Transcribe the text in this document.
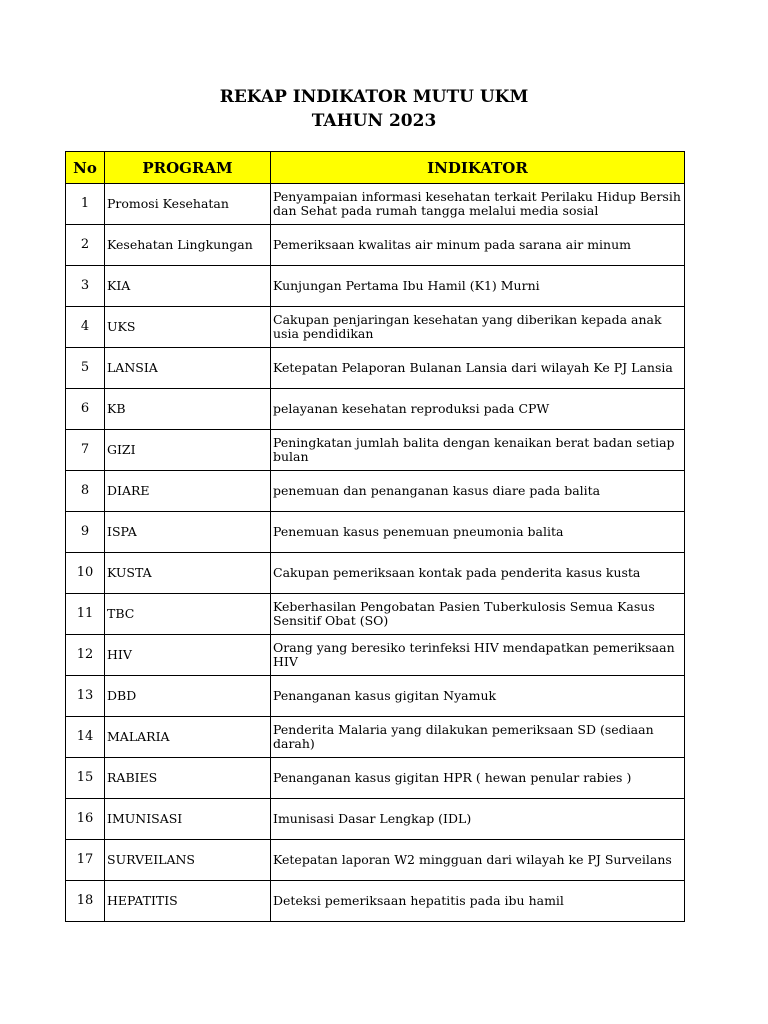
REKAP INDIKATOR MUTU UKM
TAHUN 2023
No	PROGRAM	INDIKATOR
1	Promosi Kesehatan	Penyampaian informasi kesehatan terkait Perilaku Hidup Bersih dan Sehat pada rumah tangga melalui media sosial
2	Kesehatan Lingkungan	Pemeriksaan kwalitas air minum pada sarana air minum
3	KIA	Kunjungan Pertama Ibu Hamil (K1) Murni
4	UKS	Cakupan penjaringan kesehatan yang diberikan kepada anak usia pendidikan
5	LANSIA	Ketepatan Pelaporan Bulanan Lansia dari wilayah Ke PJ Lansia
6	KB	pelayanan kesehatan reproduksi pada CPW
7	GIZI	Peningkatan jumlah balita dengan kenaikan berat badan setiap bulan
8	DIARE	penemuan dan penanganan kasus diare pada balita
9	ISPA	Penemuan kasus penemuan pneumonia balita
10	KUSTA	Cakupan pemeriksaan kontak pada penderita kasus kusta
11	TBC	Keberhasilan Pengobatan Pasien Tuberkulosis Semua Kasus Sensitif Obat (SO)
12	HIV	Orang yang beresiko terinfeksi HIV mendapatkan pemeriksaan HIV
13	DBD	Penanganan kasus gigitan Nyamuk
14	MALARIA	Penderita Malaria yang dilakukan pemeriksaan SD (sediaan darah)
15	RABIES	Penanganan kasus gigitan HPR ( hewan penular rabies )
16	IMUNISASI	Imunisasi Dasar Lengkap (IDL)
17	SURVEILANS	Ketepatan laporan W2 mingguan dari wilayah ke PJ Surveilans
18	HEPATITIS	Deteksi pemeriksaan hepatitis pada ibu hamil
